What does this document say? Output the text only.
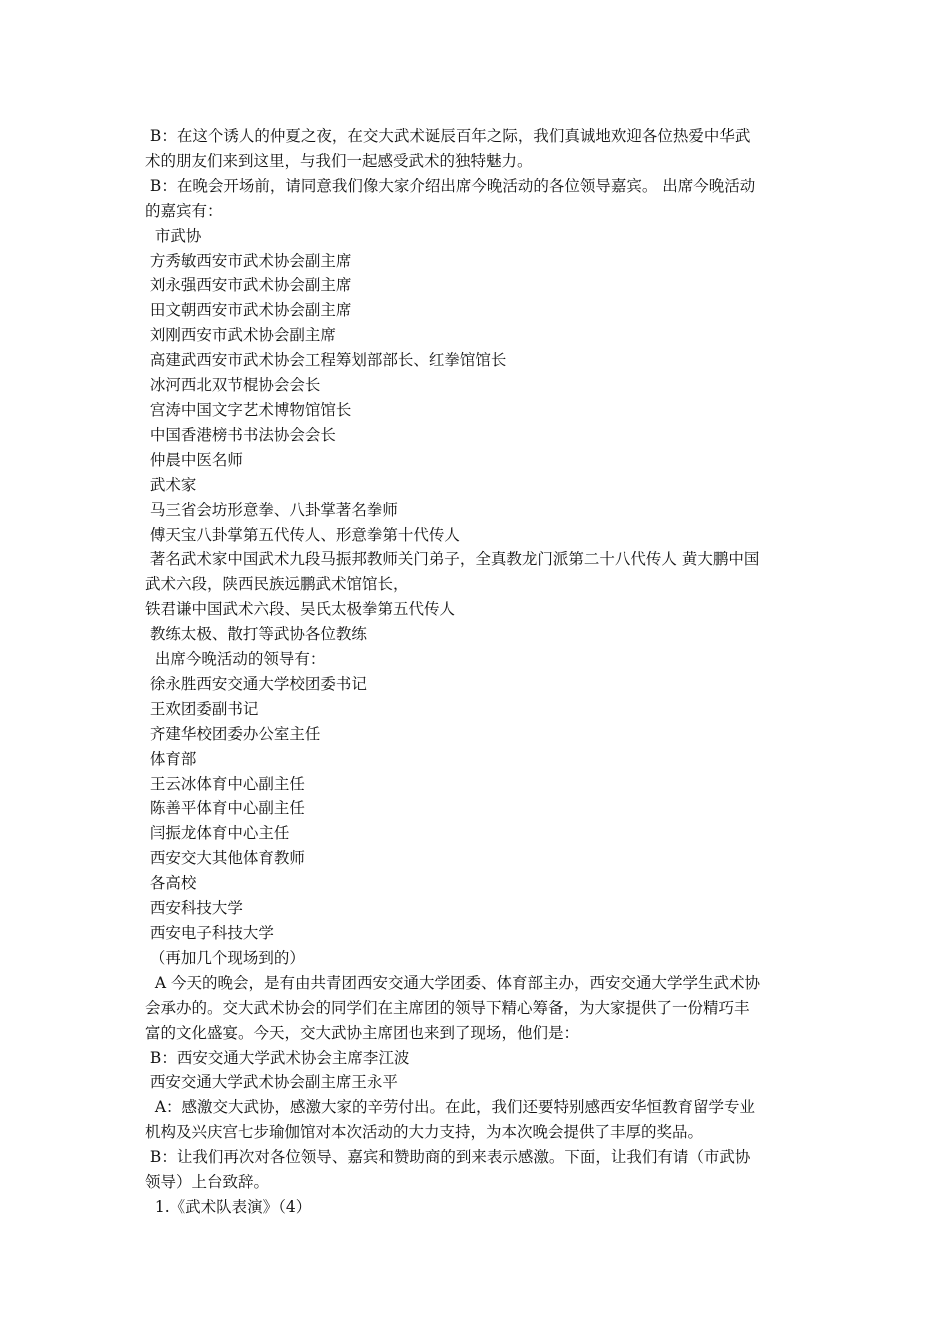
B：在这个诱人的仲夏之夜，在交大武术诞辰百年之际，我们真诚地欢迎各位热爱中华武
术的朋友们来到这里，与我们一起感受武术的独特魅力。
B：在晚会开场前，请同意我们像大家介绍出席今晚活动的各位领导嘉宾。 出席今晚活动
的嘉宾有：
市武协
方秀敏西安市武术协会副主席
刘永强西安市武术协会副主席
田文朝西安市武术协会副主席
刘刚西安市武术协会副主席
高建武西安市武术协会工程筹划部部长、红拳馆馆长
冰河西北双节棍协会会长
宫涛中国文字艺术博物馆馆长
中国香港榜书书法协会会长
仲晨中医名师
武术家
马三省会坊形意拳、八卦掌著名拳师
傅天宝八卦掌第五代传人、形意拳第十代传人
著名武术家中国武术九段马振邦教师关门弟子，全真教龙门派第二十八代传人 黄大鹏中国
武术六段，陕西民族远鹏武术馆馆长，
铁君谦中国武术六段、吴氏太极拳第五代传人
教练太极、散打等武协各位教练
出席今晚活动的领导有：
徐永胜西安交通大学校团委书记
王欢团委副书记
齐建华校团委办公室主任
体育部
王云冰体育中心副主任
陈善平体育中心副主任
闫振龙体育中心主任
西安交大其他体育教师
各高校
西安科技大学
西安电子科技大学
（再加几个现场到的）
A 今天的晚会，是有由共青团西安交通大学团委、体育部主办，西安交通大学学生武术协
会承办的。交大武术协会的同学们在主席团的领导下精心筹备，为大家提供了一份精巧丰
富的文化盛宴。今天，交大武协主席团也来到了现场，他们是：
B：西安交通大学武术协会主席李江波
西安交通大学武术协会副主席王永平
A：感激交大武协，感激大家的辛劳付出。在此，我们还要特别感西安华恒教育留学专业
机构及兴庆宫七步瑜伽馆对本次活动的大力支持，为本次晚会提供了丰厚的奖品。
B：让我们再次对各位领导、嘉宾和赞助商的到来表示感激。下面，让我们有请（市武协
领导）上台致辞。
1.《武术队表演》（4）
